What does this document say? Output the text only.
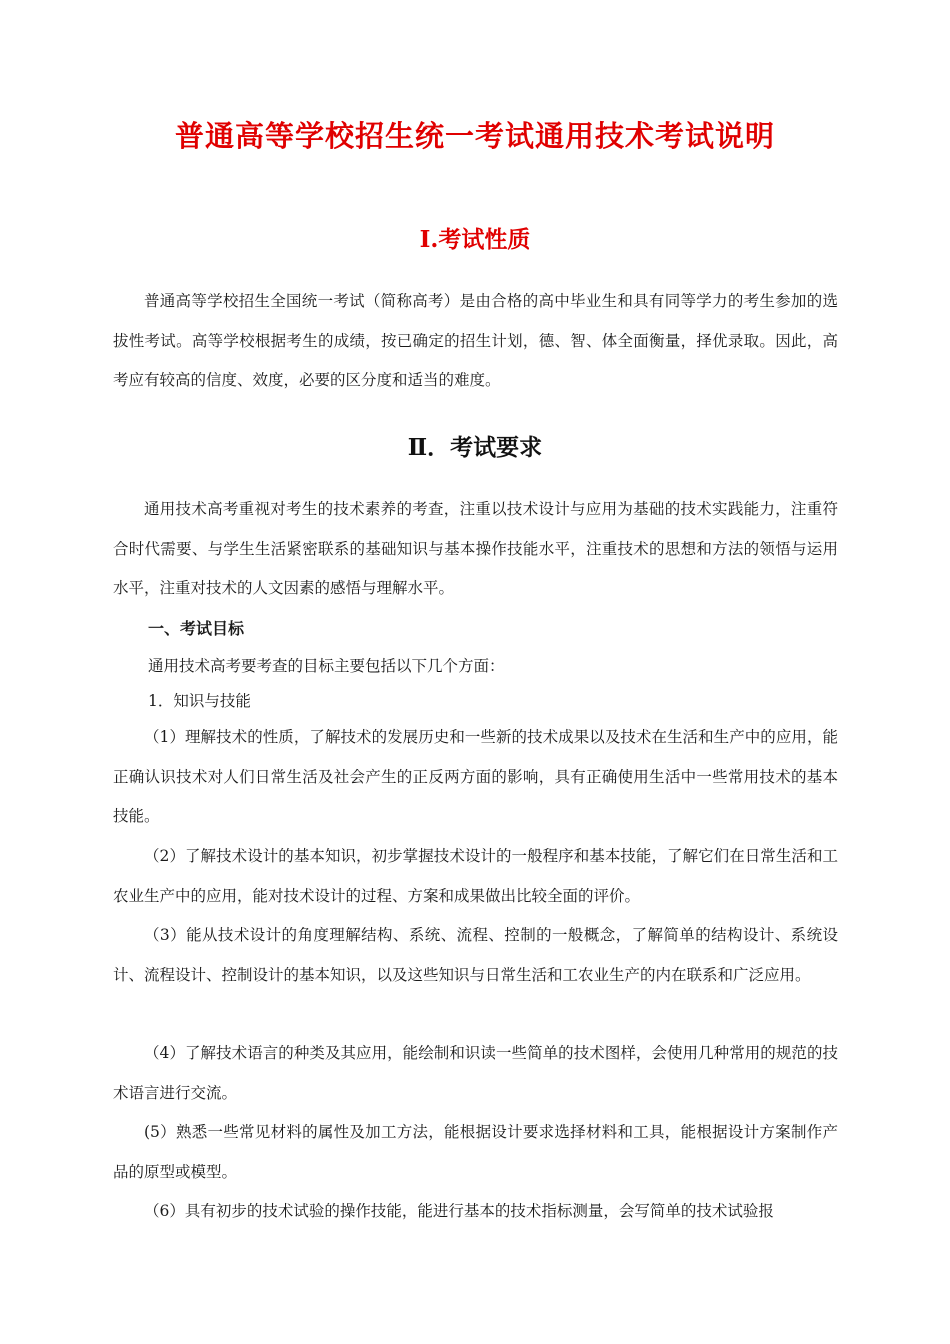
普通高等学校招生统一考试通用技术考试说明
Ⅰ.考试性质

普通高等学校招生全国统一考试（简称高考）是由合格的高中毕业生和具有同等学力的考生参加的选拔性考试。高等学校根据考生的成绩，按已确定的招生计划，德、智、体全面衡量，择优录取。因此，高考应有较高的信度、效度，必要的区分度和适当的难度。

Ⅱ．考试要求

通用技术高考重视对考生的技术素养的考查，注重以技术设计与应用为基础的技术实践能力，注重符合时代需要、与学生生活紧密联系的基础知识与基本操作技能水平，注重技术的思想和方法的领悟与运用水平，注重对技术的人文因素的感悟与理解水平。

一、考试目标
通用技术高考要考查的目标主要包括以下几个方面：
1．知识与技能

（1）理解技术的性质，了解技术的发展历史和一些新的技术成果以及技术在生活和生产中的应用，能正确认识技术对人们日常生活及社会产生的正反两方面的影响，具有正确使用生活中一些常用技术的基本技能。

（2）了解技术设计的基本知识，初步掌握技术设计的一般程序和基本技能，了解它们在日常生活和工农业生产中的应用，能对技术设计的过程、方案和成果做出比较全面的评价。

（3）能从技术设计的角度理解结构、系统、流程、控制的一般概念，了解简单的结构设计、系统设计、流程设计、控制设计的基本知识，以及这些知识与日常生活和工农业生产的内在联系和广泛应用。

（4）了解技术语言的种类及其应用，能绘制和识读一些简单的技术图样，会使用几种常用的规范的技术语言进行交流。

(5）熟悉一些常见材料的属性及加工方法，能根据设计要求选择材料和工具，能根据设计方案制作产品的原型或模型。

（6）具有初步的技术试验的操作技能，能进行基本的技术指标测量，会写简单的技术试验报
